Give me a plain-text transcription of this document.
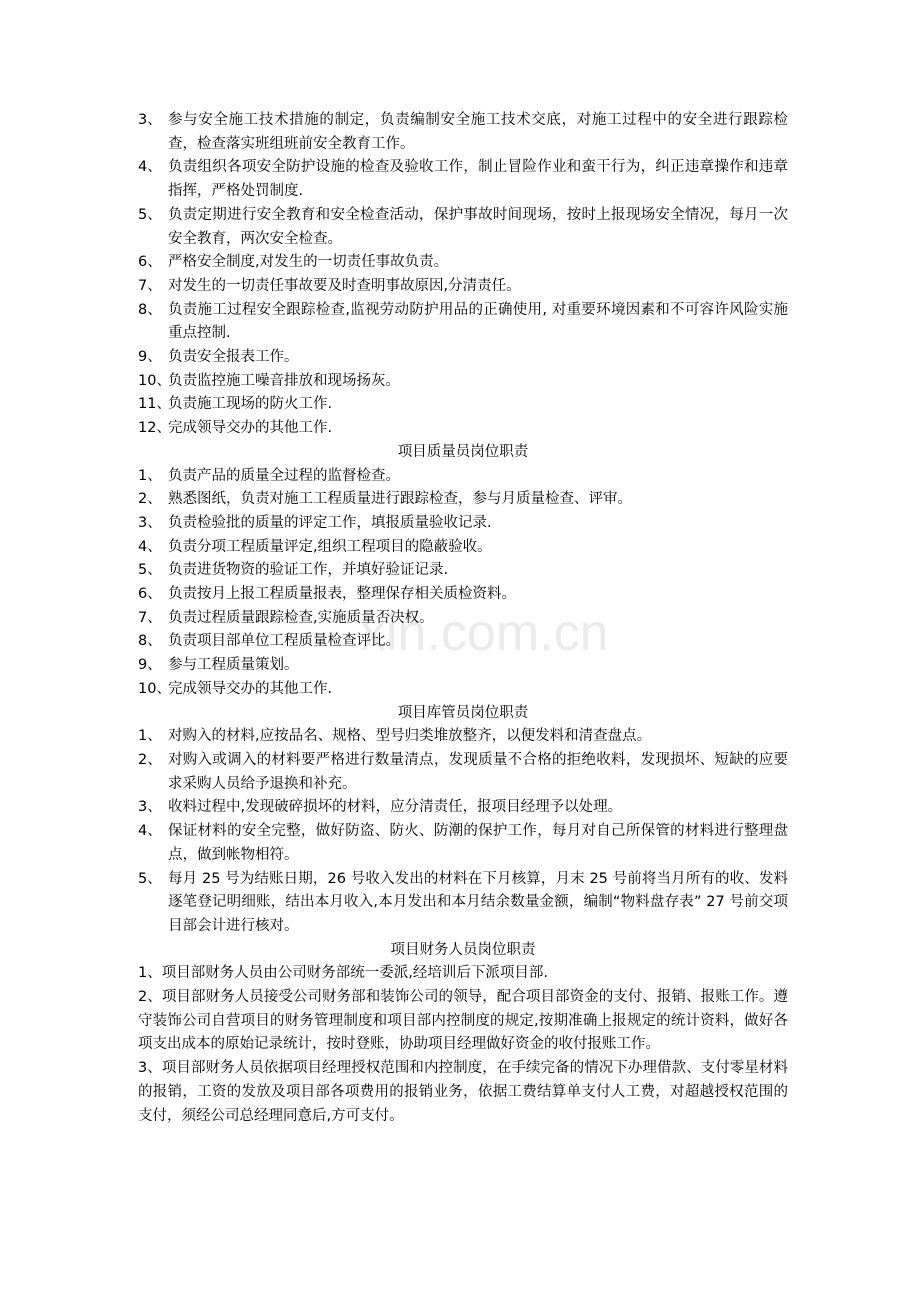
xin.com.cn
3、 参与安全施工技术措施的制定，负责编制安全施工技术交底，对施工过程中的安全进行跟踪检查，检查落实班组班前安全教育工作。
4、 负责组织各项安全防护设施的检查及验收工作，制止冒险作业和蛮干行为，纠正违章操作和违章指挥，严格处罚制度.
5、 负责定期进行安全教育和安全检查活动，保护事故时间现场，按时上报现场安全情况，每月一次安全教育，两次安全检查。
6、 严格安全制度,对发生的一切责任事故负责。
7、 对发生的一切责任事故要及时查明事故原因,分清责任。
8、 负责施工过程安全跟踪检查,监视劳动防护用品的正确使用, 对重要环境因素和不可容许风险实施重点控制.
9、 负责安全报表工作。
10、
负责监控施工噪音排放和现场扬灰。
11、
负责施工现场的防火工作.
12、
完成领导交办的其他工作.
项目质量员岗位职责
1、 负责产品的质量全过程的监督检查。
2、 熟悉图纸，负责对施工工程质量进行跟踪检查，参与月质量检查、评审。
3、 负责检验批的质量的评定工作，填报质量验收记录.
4、 负责分项工程质量评定,组织工程项目的隐蔽验收。
5、 负责进货物资的验证工作，并填好验证记录.
6、 负责按月上报工程质量报表，整理保存相关质检资料。
7、 负责过程质量跟踪检查,实施质量否决权。
8、 负责项目部单位工程质量检查评比。
9、 参与工程质量策划。
10、
完成领导交办的其他工作.
项目库管员岗位职责
1、 对购入的材料,应按品名、规格、型号归类堆放整齐，以便发料和清查盘点。
2、 对购入或调入的材料要严格进行数量清点，发现质量不合格的拒绝收料，发现损坏、短缺的应要求采购人员给予退换和补充。
3、 收料过程中,发现破碎损坏的材料，应分清责任，报项目经理予以处理。
4、 保证材料的安全完整，做好防盗、防火、防潮的保护工作，每月对自己所保管的材料进行整理盘点，做到帐物相符。
5、 每月 25 号为结账日期，26 号收入发出的材料在下月核算，月末 25 号前将当月所有的收、发料逐笔登记明细账，结出本月收入,本月发出和本月结余数量金额，编制“物料盘存表” 27 号前交项目部会计进行核对。
项目财务人员岗位职责
1、项目部财务人员由公司财务部统一委派,经培训后下派项目部.
2、项目部财务人员接受公司财务部和装饰公司的领导，配合项目部资金的支付、报销、报账工作。遵守装饰公司自营项目的财务管理制度和项目部内控制度的规定,按期准确上报规定的统计资料，做好各项支出成本的原始记录统计，按时登账，协助项目经理做好资金的收付报账工作。
3、项目部财务人员依据项目经理授权范围和内控制度，在手续完备的情况下办理借款、支付零星材料的报销，工资的发放及项目部各项费用的报销业务，依据工费结算单支付人工费，对超越授权范围的支付，须经公司总经理同意后,方可支付。
